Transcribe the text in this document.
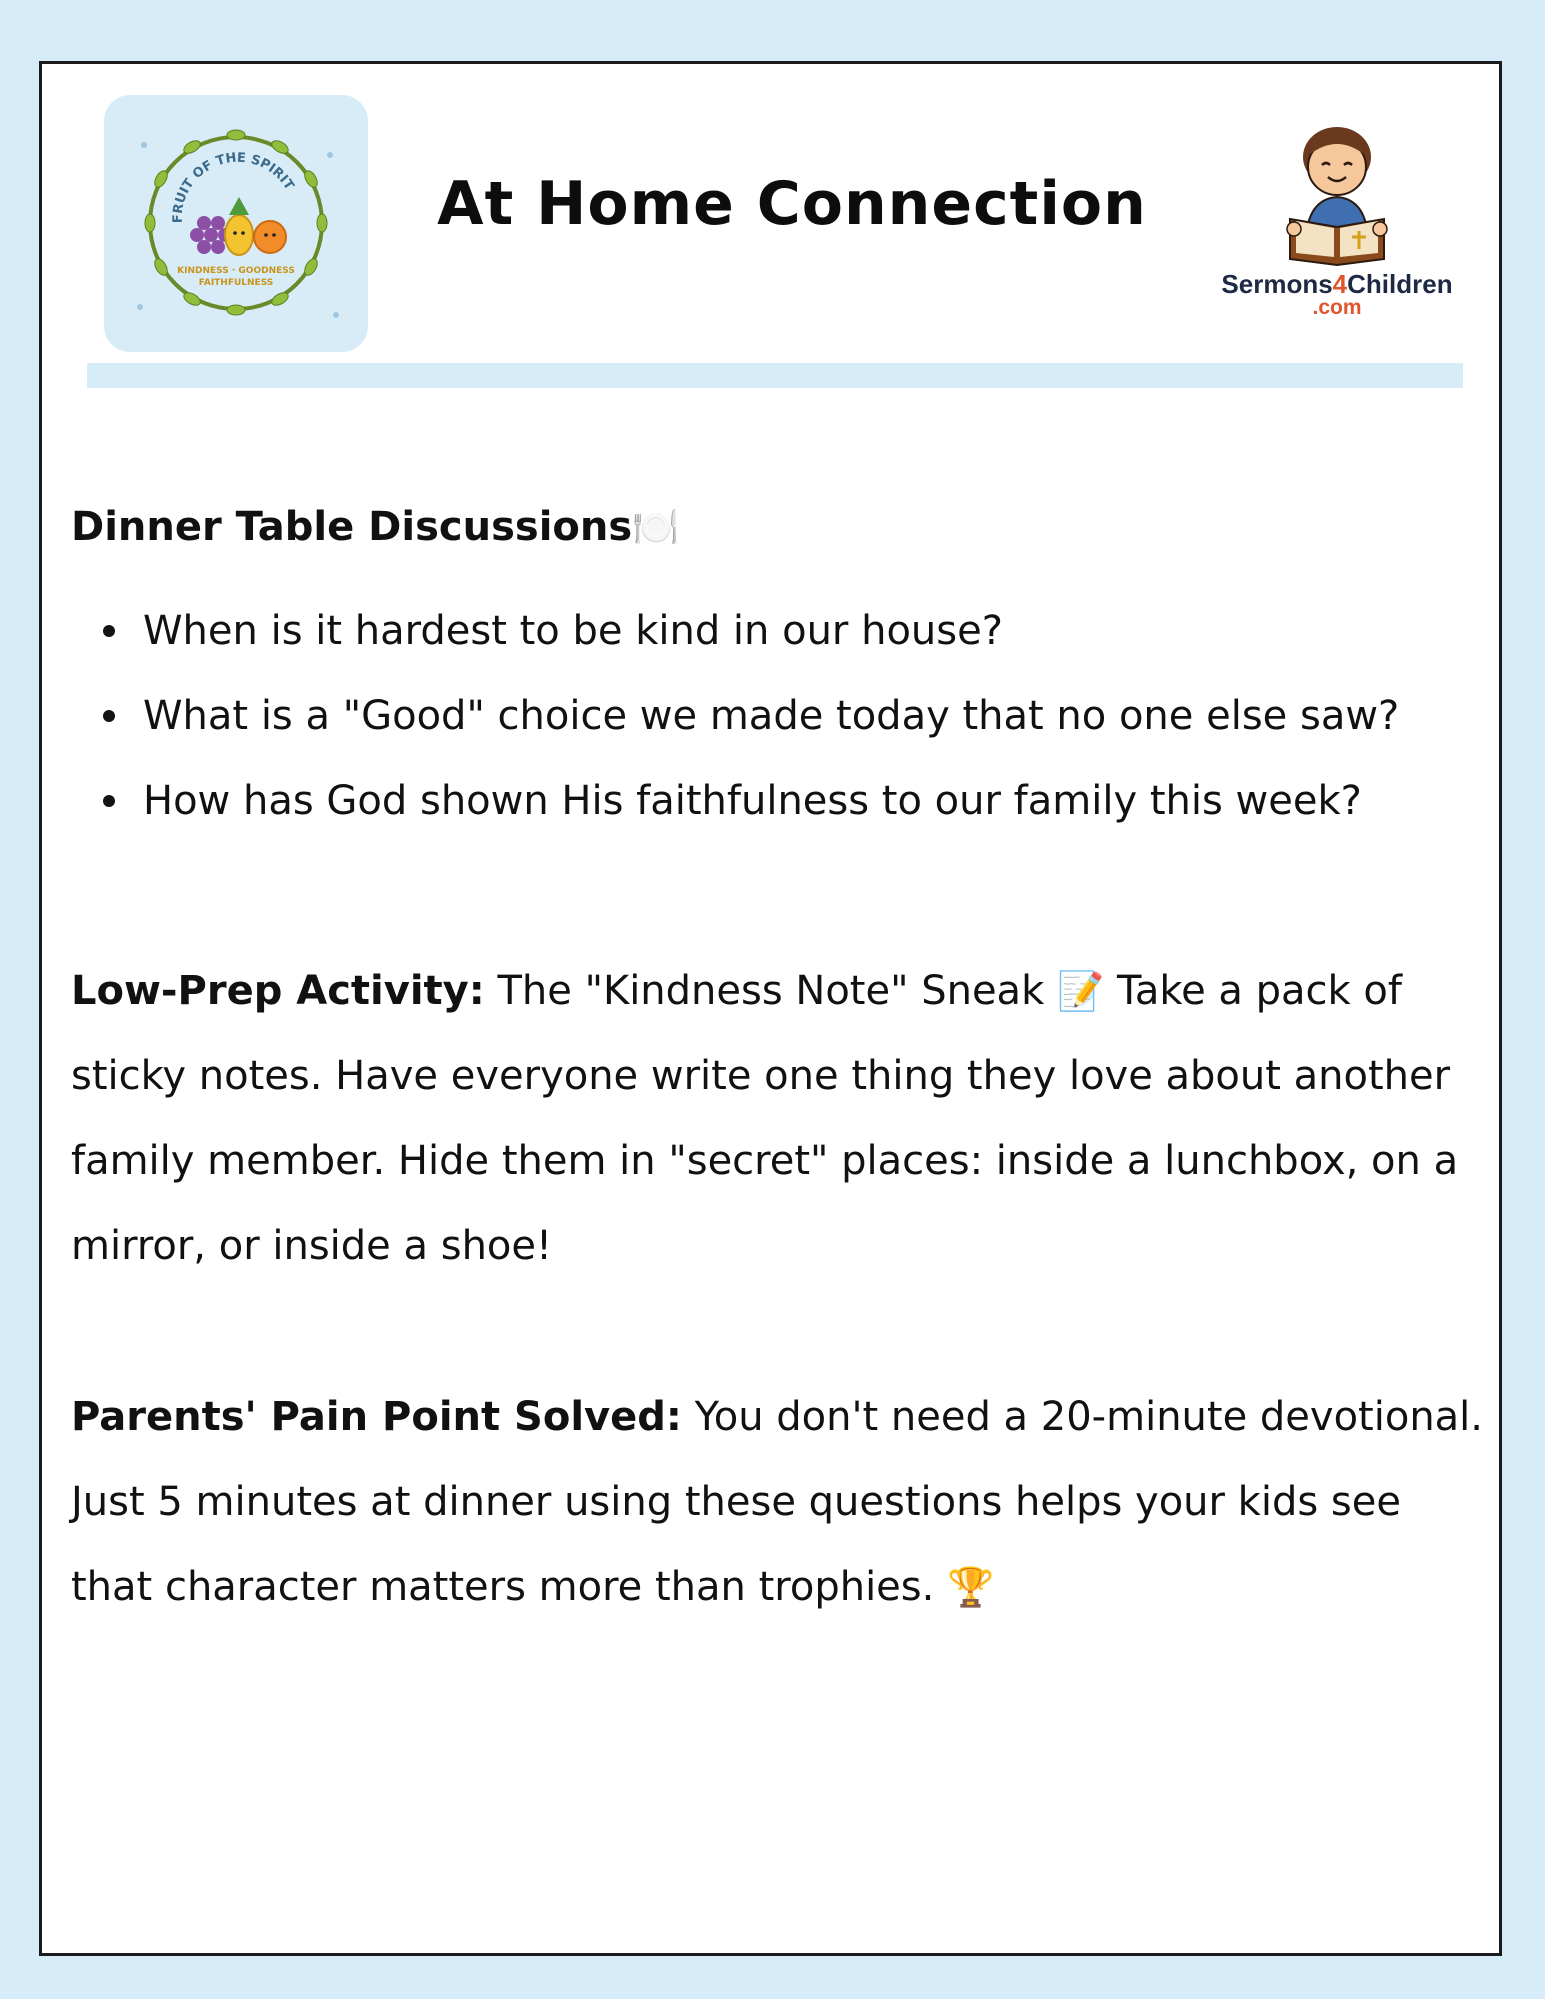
FRUIT OF THE SPIRIT
KINDNESS · GOODNESS
FAITHFULNESS
At Home Connection
Sermons4Children
.com
Dinner Table Discussions🍽️
When is it hardest to be kind in our house?
What is a "Good" choice we made today that no one else saw?
How has God shown His faithfulness to our family this week?

Low-Prep Activity: The "Kindness Note" Sneak 📝 Take a pack of sticky notes. Have everyone write one thing they love about another family member. Hide them in "secret" places: inside a lunchbox, on a mirror, or inside a shoe!

Parents' Pain Point Solved: You don't need a 20-minute devotional. Just 5 minutes at dinner using these questions helps your kids see that character matters more than trophies. 🏆
